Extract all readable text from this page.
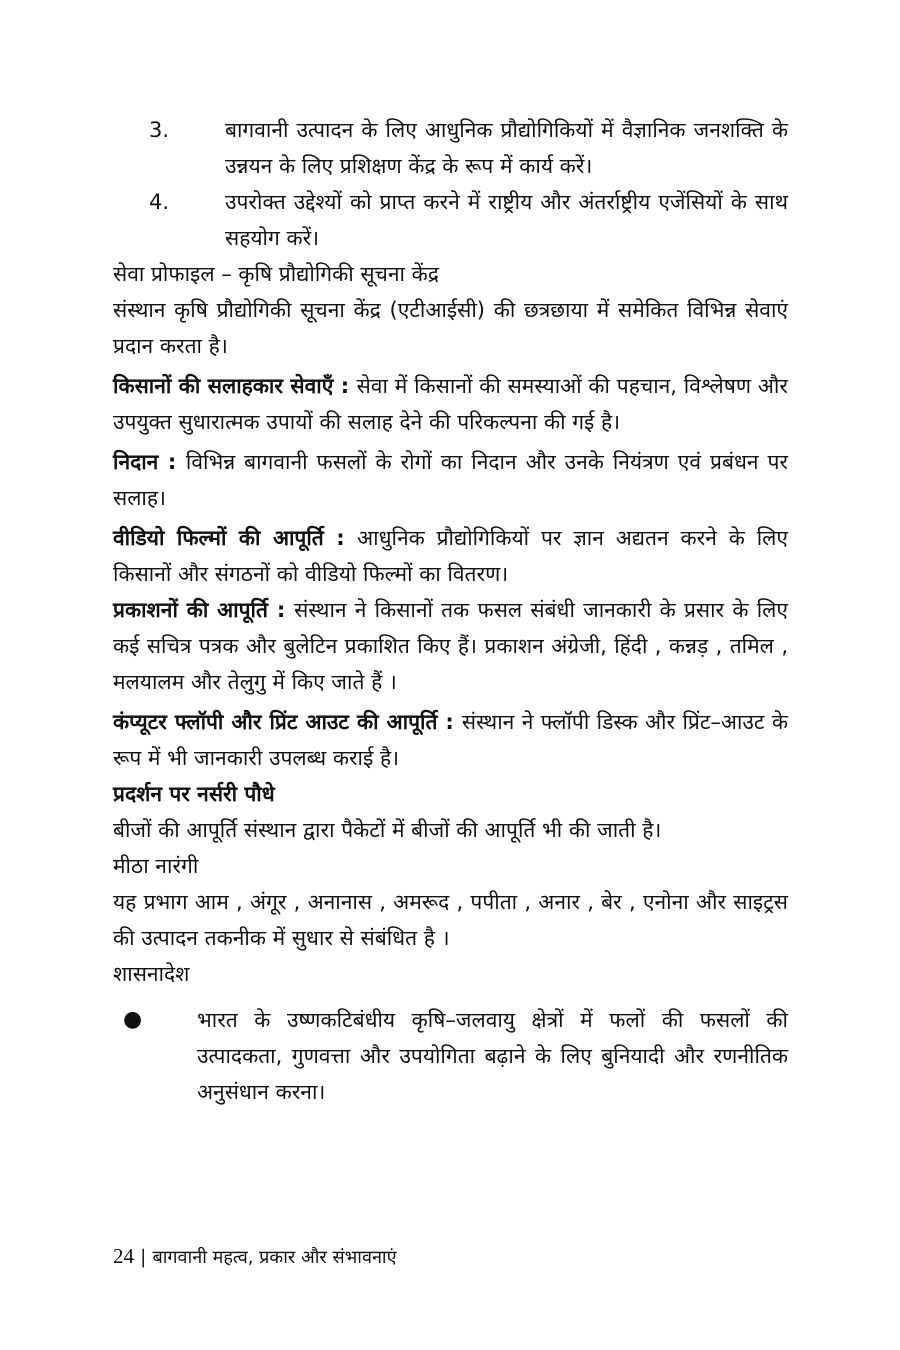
3.	बागवानी उत्पादन के लिए आधुनिक प्रौद्योगिकियों में वैज्ञानिक जनशक्ति के उन्नयन के लिए प्रशिक्षण केंद्र के रूप में कार्य करें।
4.	उपरोक्त उद्देश्यों को प्राप्त करने में राष्ट्रीय और अंतर्राष्ट्रीय एजेंसियों के साथ सहयोग करें।

सेवा प्रोफाइल – कृषि प्रौद्योगिकी सूचना केंद्र

संस्थान कृषि प्रौद्योगिकी सूचना केंद्र (एटीआईसी) की छत्रछाया में समेकित विभिन्न सेवाएं प्रदान करता है।

किसानों की सलाहकार सेवाएँ : सेवा में किसानों की समस्याओं की पहचान, विश्लेषण और उपयुक्त सुधारात्मक उपायों की सलाह देने की परिकल्पना की गई है।

निदान : विभिन्न बागवानी फसलों के रोगों का निदान और उनके नियंत्रण एवं प्रबंधन पर सलाह।

वीडियो फिल्मों की आपूर्ति : आधुनिक प्रौद्योगिकियों पर ज्ञान अद्यतन करने के लिए किसानों और संगठनों को वीडियो फिल्मों का वितरण।

प्रकाशनों की आपूर्ति : संस्थान ने किसानों तक फसल संबंधी जानकारी के प्रसार के लिए कई सचित्र पत्रक और बुलेटिन प्रकाशित किए हैं। प्रकाशन अंग्रेजी, हिंदी , कन्नड़ , तमिल , मलयालम और तेलुगु में किए जाते हैं ।

कंप्यूटर फ्लॉपी और प्रिंट आउट की आपूर्ति : संस्थान ने फ्लॉपी डिस्क और प्रिंट–आउट के रूप में भी जानकारी उपलब्ध कराई है।

प्रदर्शन पर नर्सरी पौधे

बीजों की आपूर्ति संस्थान द्वारा पैकेटों में बीजों की आपूर्ति भी की जाती है।

मीठा नारंगी

यह प्रभाग आम , अंगूर , अनानास , अमरूद , पपीता , अनार , बेर , एनोना और साइट्रस की उत्पादन तकनीक में सुधार से संबंधित है ।

शासनादेश

●	भारत के उष्णकटिबंधीय कृषि–जलवायु क्षेत्रों में फलों की फसलों की उत्पादकता, गुणवत्ता और उपयोगिता बढ़ाने के लिए बुनियादी और रणनीतिक अनुसंधान करना।
24 | बागवानी महत्व, प्रकार और संभावनाएं
